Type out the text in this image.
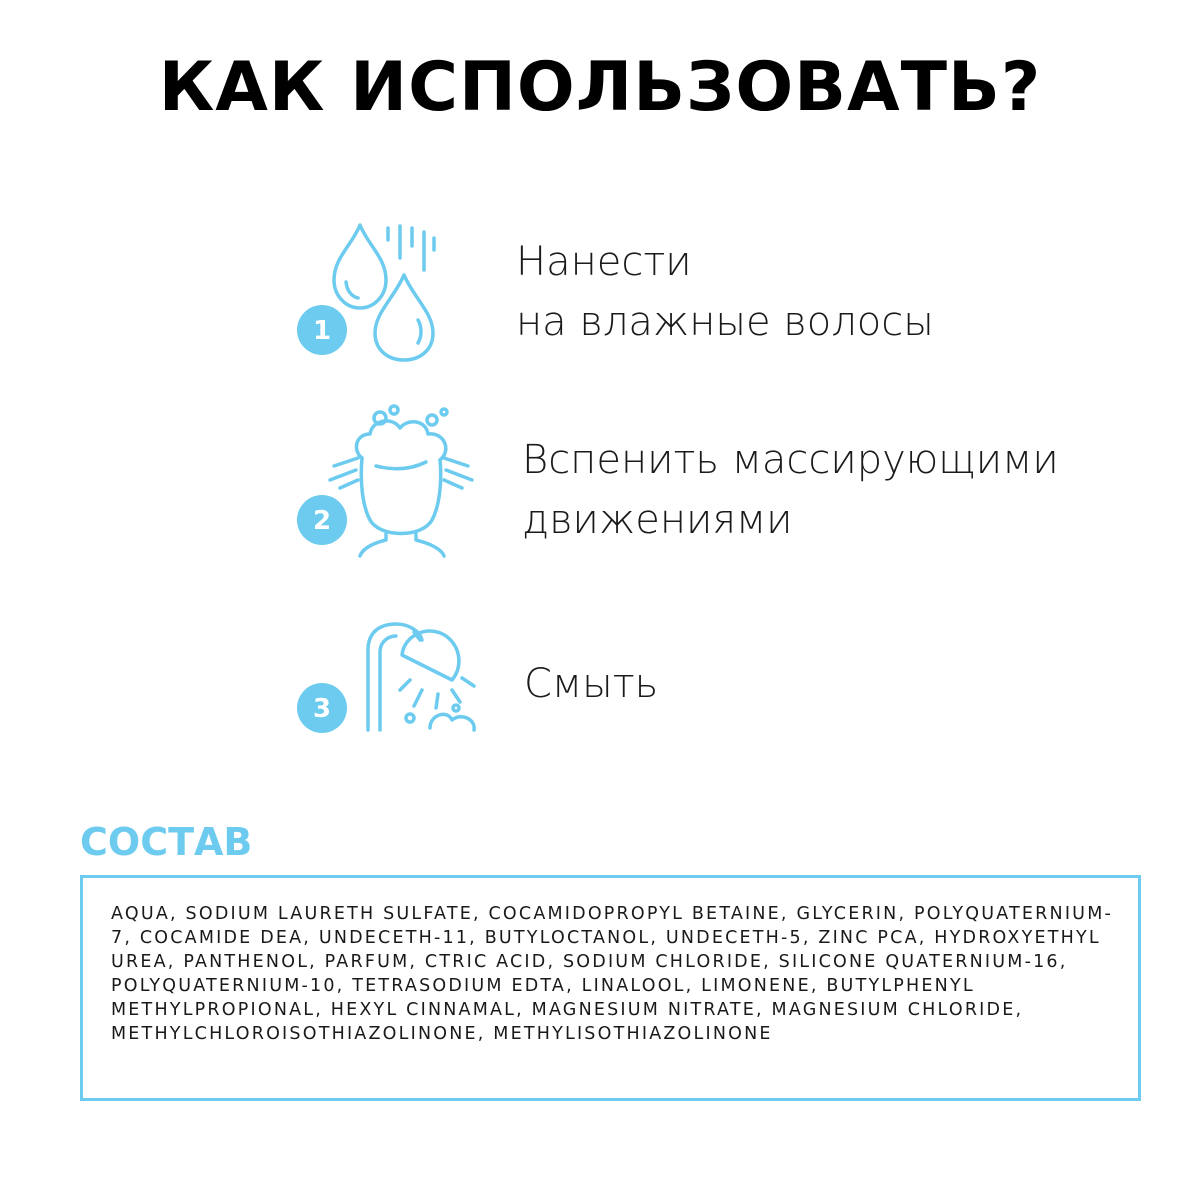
КАК ИСПОЛЬЗОВАТЬ?
1
Нанести
на влажные волосы
2
Вспенить массирующими
движениями
3
Смыть
СОСТАВ
AQUA, SODIUM LAURETH SULFATE, COCAMIDOPROPYL BETAINE, GLYCERIN, POLYQUATERNIUM-7, COCAMIDE DEA, UNDECETH-11, BUTYLOCTANOL, UNDECETH-5, ZINC PCA, HYDROXYETHYL UREA, PANTHENOL, PARFUM, CTRIC ACID, SODIUM CHLORIDE, SILICONE QUATERNIUM-16, POLYQUATERNIUM-10, TETRASODIUM EDTA, LINALOOL, LIMONENE, BUTYLPHENYL METHYLPROPIONAL, HEXYL CINNAMAL, MAGNESIUM NITRATE, MAGNESIUM CHLORIDE, METHYLCHLOROISOTHIAZOLINONE, METHYLISOTHIAZOLINONE
